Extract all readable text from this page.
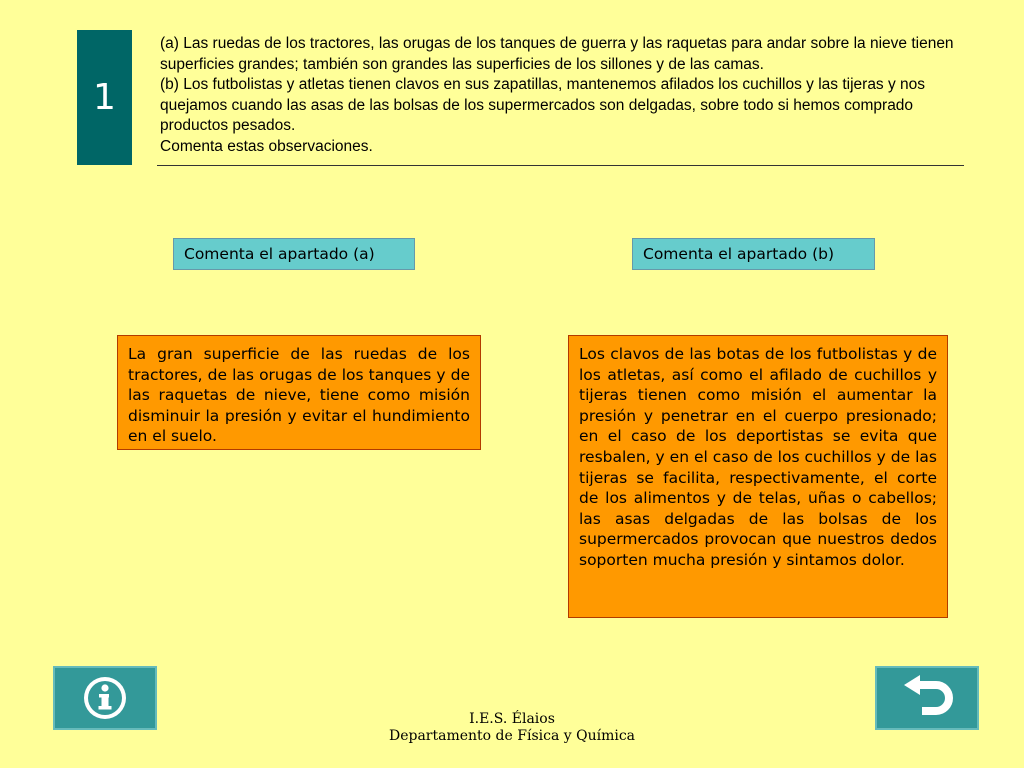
1

(a) Las ruedas de los tractores, las orugas de los tanques de guerra y las raquetas para andar sobre la nieve tienen superficies grandes; también son grandes las superficies de los sillones y de las camas.

(b) Los futbolistas y atletas tienen clavos en sus zapatillas, mantenemos afilados los cuchillos y las tijeras y nos quejamos cuando las asas de las bolsas de los supermercados son delgadas, sobre todo si hemos comprado productos pesados.

Comenta estas observaciones.

Comenta el apartado (a)	Comenta el apartado (b)
La gran superficie de las ruedas de los tractores, de las orugas de los tanques y de las raquetas de nieve, tiene como misión disminuir la presión y evitar el hundimiento en el suelo.
Los clavos de las botas de los futbolistas y de los atletas, así como el afilado de cuchillos y tijeras tienen como misión el aumentar la presión y penetrar en el cuerpo presionado; en el caso de los deportistas se evita que resbalen, y en el caso de los cuchillos y de las tijeras se facilita, respectivamente, el corte de los alimentos y de telas, uñas o cabellos; las asas delgadas de las bolsas de los supermercados provocan que nuestros dedos soporten mucha presión y sintamos dolor.
I.E.S. Élaios
Departamento de Física y Química
